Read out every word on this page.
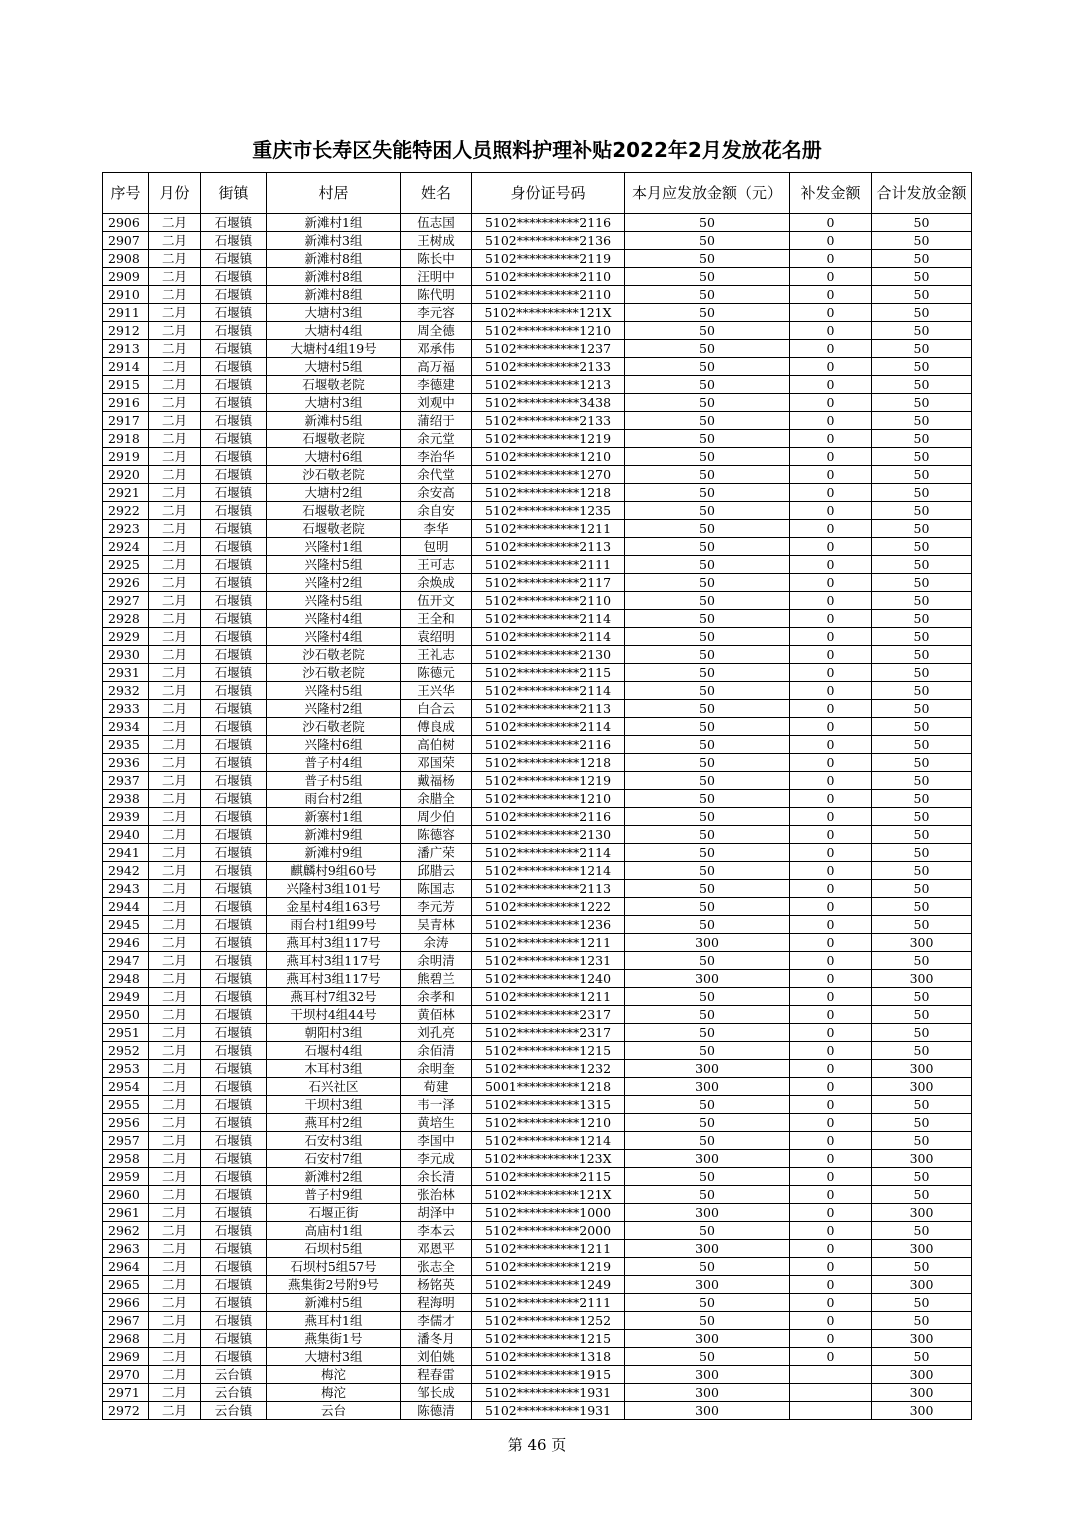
重庆市长寿区失能特困人员照料护理补贴2022年2月发放花名册
序号	月份	街镇	村居	姓名	身份证号码	本月应发放金额（元）	补发金额	合计发放金额
2906	二月	石堰镇	新滩村1组	伍志国	5102**********2116	50	0	50
2907	二月	石堰镇	新滩村3组	王树成	5102**********2136	50	0	50
2908	二月	石堰镇	新滩村8组	陈长中	5102**********2119	50	0	50
2909	二月	石堰镇	新滩村8组	汪明中	5102**********2110	50	0	50
2910	二月	石堰镇	新滩村8组	陈代明	5102**********2110	50	0	50
2911	二月	石堰镇	大塘村3组	李元容	5102**********121X	50	0	50
2912	二月	石堰镇	大塘村4组	周全德	5102**********1210	50	0	50
2913	二月	石堰镇	大塘村4组19号	邓承伟	5102**********1237	50	0	50
2914	二月	石堰镇	大塘村5组	高万福	5102**********2133	50	0	50
2915	二月	石堰镇	石堰敬老院	李德建	5102**********1213	50	0	50
2916	二月	石堰镇	大塘村3组	刘观中	5102**********3438	50	0	50
2917	二月	石堰镇	新滩村5组	蒲绍于	5102**********2133	50	0	50
2918	二月	石堰镇	石堰敬老院	余元堂	5102**********1219	50	0	50
2919	二月	石堰镇	大塘村6组	李治华	5102**********1210	50	0	50
2920	二月	石堰镇	沙石敬老院	余代堂	5102**********1270	50	0	50
2921	二月	石堰镇	大塘村2组	余安高	5102**********1218	50	0	50
2922	二月	石堰镇	石堰敬老院	余自安	5102**********1235	50	0	50
2923	二月	石堰镇	石堰敬老院	李华	5102**********1211	50	0	50
2924	二月	石堰镇	兴隆村1组	包明	5102**********2113	50	0	50
2925	二月	石堰镇	兴隆村5组	王可志	5102**********2111	50	0	50
2926	二月	石堰镇	兴隆村2组	余焕成	5102**********2117	50	0	50
2927	二月	石堰镇	兴隆村5组	伍开文	5102**********2110	50	0	50
2928	二月	石堰镇	兴隆村4组	王全和	5102**********2114	50	0	50
2929	二月	石堰镇	兴隆村4组	袁绍明	5102**********2114	50	0	50
2930	二月	石堰镇	沙石敬老院	王礼志	5102**********2130	50	0	50
2931	二月	石堰镇	沙石敬老院	陈德元	5102**********2115	50	0	50
2932	二月	石堰镇	兴隆村5组	王兴华	5102**********2114	50	0	50
2933	二月	石堰镇	兴隆村2组	白合云	5102**********2113	50	0	50
2934	二月	石堰镇	沙石敬老院	傅良成	5102**********2114	50	0	50
2935	二月	石堰镇	兴隆村6组	高伯树	5102**********2116	50	0	50
2936	二月	石堰镇	普子村4组	邓国荣	5102**********1218	50	0	50
2937	二月	石堰镇	普子村5组	戴福杨	5102**********1219	50	0	50
2938	二月	石堰镇	雨台村2组	余腊全	5102**********1210	50	0	50
2939	二月	石堰镇	新寨村1组	周少伯	5102**********2116	50	0	50
2940	二月	石堰镇	新滩村9组	陈德容	5102**********2130	50	0	50
2941	二月	石堰镇	新滩村9组	潘广荣	5102**********2114	50	0	50
2942	二月	石堰镇	麒麟村9组60号	邱腊云	5102**********1214	50	0	50
2943	二月	石堰镇	兴隆村3组101号	陈国志	5102**********2113	50	0	50
2944	二月	石堰镇	金星村4组163号	李元芳	5102**********1222	50	0	50
2945	二月	石堰镇	雨台村1组99号	吴青林	5102**********1236	50	0	50
2946	二月	石堰镇	燕耳村3组117号	余涛	5102**********1211	300	0	300
2947	二月	石堰镇	燕耳村3组117号	余明清	5102**********1231	50	0	50
2948	二月	石堰镇	燕耳村3组117号	熊碧兰	5102**********1240	300	0	300
2949	二月	石堰镇	燕耳村7组32号	余孝和	5102**********1211	50	0	50
2950	二月	石堰镇	干坝村4组44号	黄佰林	5102**********2317	50	0	50
2951	二月	石堰镇	朝阳村3组	刘孔亮	5102**********2317	50	0	50
2952	二月	石堰镇	石堰村4组	余佰清	5102**********1215	50	0	50
2953	二月	石堰镇	木耳村3组	余明奎	5102**********1232	300	0	300
2954	二月	石堰镇	石兴社区	荀建	5001**********1218	300	0	300
2955	二月	石堰镇	干坝村3组	韦一泽	5102**********1315	50	0	50
2956	二月	石堰镇	燕耳村2组	黄培生	5102**********1210	50	0	50
2957	二月	石堰镇	石安村3组	李国中	5102**********1214	50	0	50
2958	二月	石堰镇	石安村7组	李元成	5102**********123X	300	0	300
2959	二月	石堰镇	新滩村2组	余长清	5102**********2115	50	0	50
2960	二月	石堰镇	普子村9组	张治林	5102**********121X	50	0	50
2961	二月	石堰镇	石堰正街	胡泽中	5102**********1000	300	0	300
2962	二月	石堰镇	高庙村1组	李本云	5102**********2000	50	0	50
2963	二月	石堰镇	石坝村5组	邓恩平	5102**********1211	300	0	300
2964	二月	石堰镇	石坝村5组57号	张志全	5102**********1219	50	0	50
2965	二月	石堰镇	燕集街2号附9号	杨铭英	5102**********1249	300	0	300
2966	二月	石堰镇	新滩村5组	程海明	5102**********2111	50	0	50
2967	二月	石堰镇	燕耳村1组	李儒才	5102**********1252	50	0	50
2968	二月	石堰镇	燕集街1号	潘冬月	5102**********1215	300	0	300
2969	二月	石堰镇	大塘村3组	刘伯姚	5102**********1318	50	0	50
2970	二月	云台镇	梅沱	程春雷	5102**********1915	300		300
2971	二月	云台镇	梅沱	邹长成	5102**********1931	300		300
2972	二月	云台镇	云台	陈德清	5102**********1931	300		300
第 46 页
